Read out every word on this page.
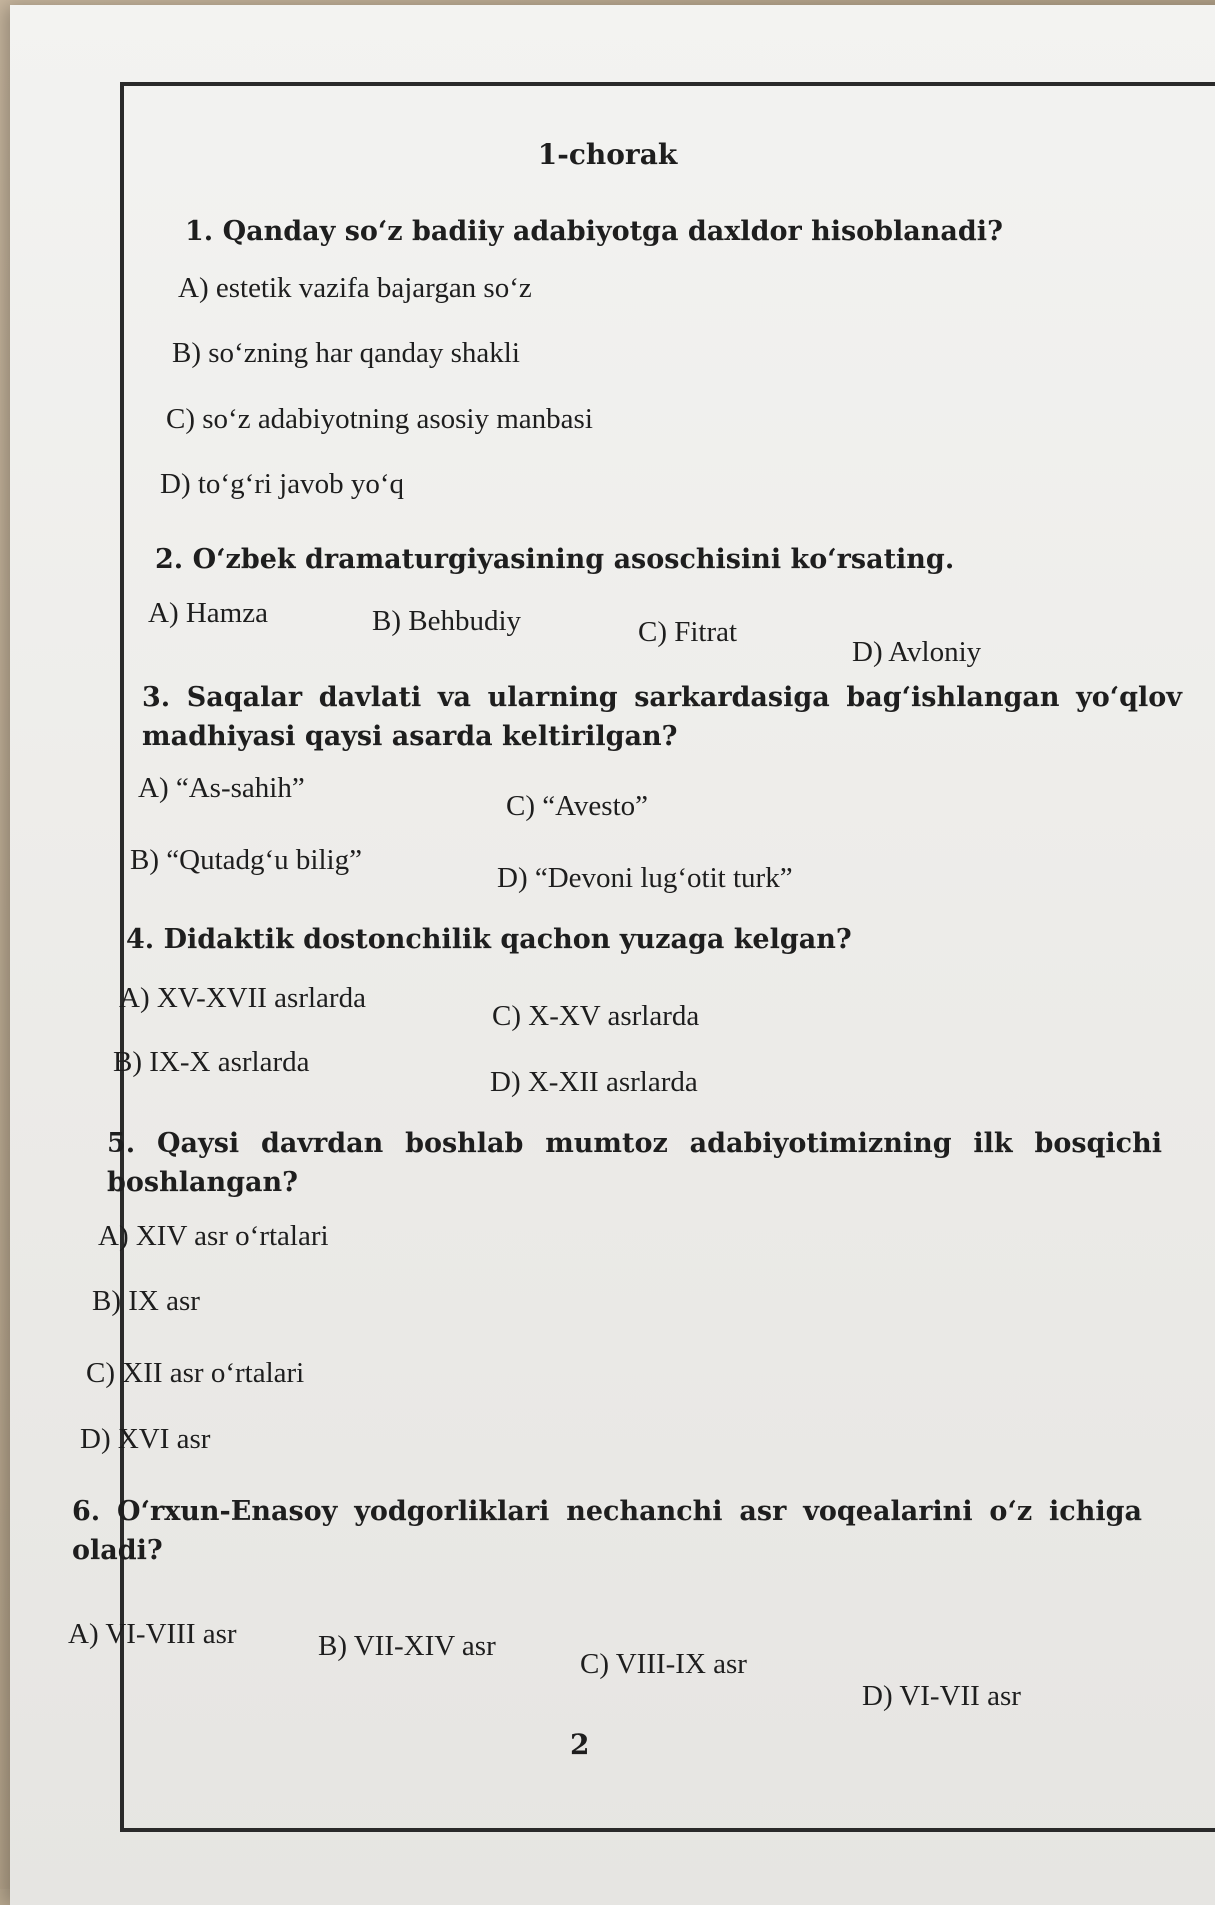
1-chorak
1. Qanday so‘z badiiy adabiyotga daxldor hisoblanadi?
A) estetik vazifa bajargan so‘z
B) so‘zning har qanday shakli
C) so‘z adabiyotning asosiy manbasi
D) to‘g‘ri javob yo‘q
2. O‘zbek dramaturgiyasining asoschisini ko‘rsating.
A) Hamza	B) Behbudiy	C) Fitrat
D) Avloniy
3. Saqalar davlati va ularning sarkardasiga bag‘ishlangan yo‘qlov madhiyasi qaysi asarda keltirilgan?
A) “As-sahih”
C) “Avesto”
B) “Qutadg‘u bilig”
D) “Devoni lug‘otit turk”
4. Didaktik dostonchilik qachon yuzaga kelgan?
A) XV-XVII asrlarda
C) X-XV asrlarda
B) IX-X asrlarda
D) X-XII asrlarda
5. Qaysi davrdan boshlab mumtoz adabiyotimizning ilk bosqichi boshlangan?
A) XIV asr o‘rtalari
B) IX asr
C) XII asr o‘rtalari
D) XVI asr
6. O‘rxun-Enasoy yodgorliklari nechanchi asr voqealarini o‘z ichiga oladi?
A) VI-VIII asr	B) VII-XIV asr
C) VIII-IX asr
D) VI-VII asr
2
